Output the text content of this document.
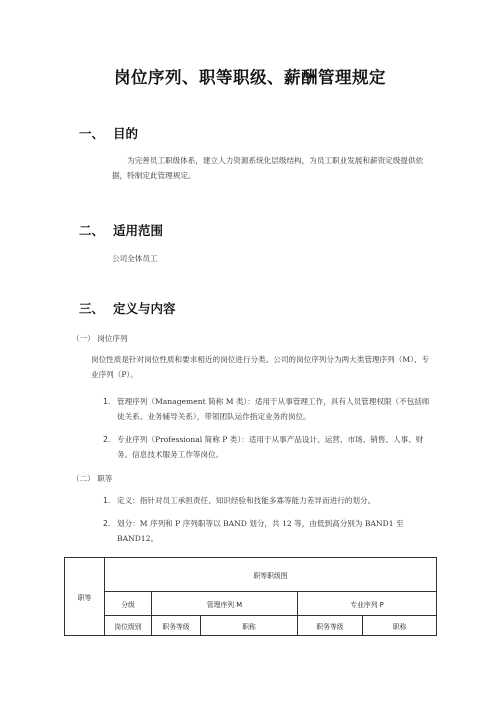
岗位序列、职等职级、薪酬管理规定
一、 目的
为完善员工职级体系，建立人力资源系统化层级结构，为员工职业发展和薪资定级提供依据，特制定此管理规定。
二、 适用范围
公司全体员工
三、 定义与内容
（一） 岗位序列
岗位性质是针对岗位性质和要求相近的岗位进行分类。公司的岗位序列分为两大类管理序列（M）、专业序列（P）。
1. 管理序列（Management 简称 M 类）：适用于从事管理工作，具有人员管理权限（不包括师徒关系、业务辅导关系），带领团队运作指定业务的岗位。
2. 专业序列（Professional 简称 P 类）：适用于从事产品设计、运营、市场、销售、人事、财务、信息技术服务工作等岗位。
（二） 职等
1. 定义：指针对员工承担责任、知识经验和技能多寡等能力差异而进行的划分。
2. 划分：M 序列和 P 序列职等以 BAND 划分，共 12 等，由低到高分别为 BAND1 至 BAND12。
职等	职等职级图				
	分级	管理序列 M		专业序列 P	
	岗位级别	职务等级	职称	职务等级	职称
